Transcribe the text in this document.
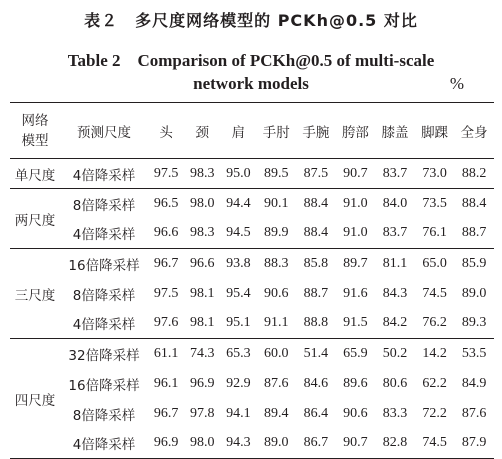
表２　多尺度网络模型的 PCKh@0.5 对比
Table 2　Comparison of PCKh@0.5 of multi-scale
network models	%
网络
模型	预测尺度	头	颈	肩	手肘	手腕	胯部	膝盖	脚踝	全身
单尺度	4倍降采样	97.5	98.3	95.0	89.5	87.5	90.7	83.7	73.0	88.2
两尺度	8倍降采样	96.5	98.0	94.4	90.1	88.4	91.0	84.0	73.5	88.4
	4倍降采样	96.6	98.3	94.5	89.9	88.4	91.0	83.7	76.1	88.7
三尺度	16倍降采样	96.7	96.6	93.8	88.3	85.8	89.7	81.1	65.0	85.9
	8倍降采样	97.5	98.1	95.4	90.6	88.7	91.6	84.3	74.5	89.0
	4倍降采样	97.6	98.1	95.1	91.1	88.8	91.5	84.2	76.2	89.3
四尺度	32倍降采样	61.1	74.3	65.3	60.0	51.4	65.9	50.2	14.2	53.5
	16倍降采样	96.1	96.9	92.9	87.6	84.6	89.6	80.6	62.2	84.9
	8倍降采样	96.7	97.8	94.1	89.4	86.4	90.6	83.3	72.2	87.6
	4倍降采样	96.9	98.0	94.3	89.0	86.7	90.7	82.8	74.5	87.9
